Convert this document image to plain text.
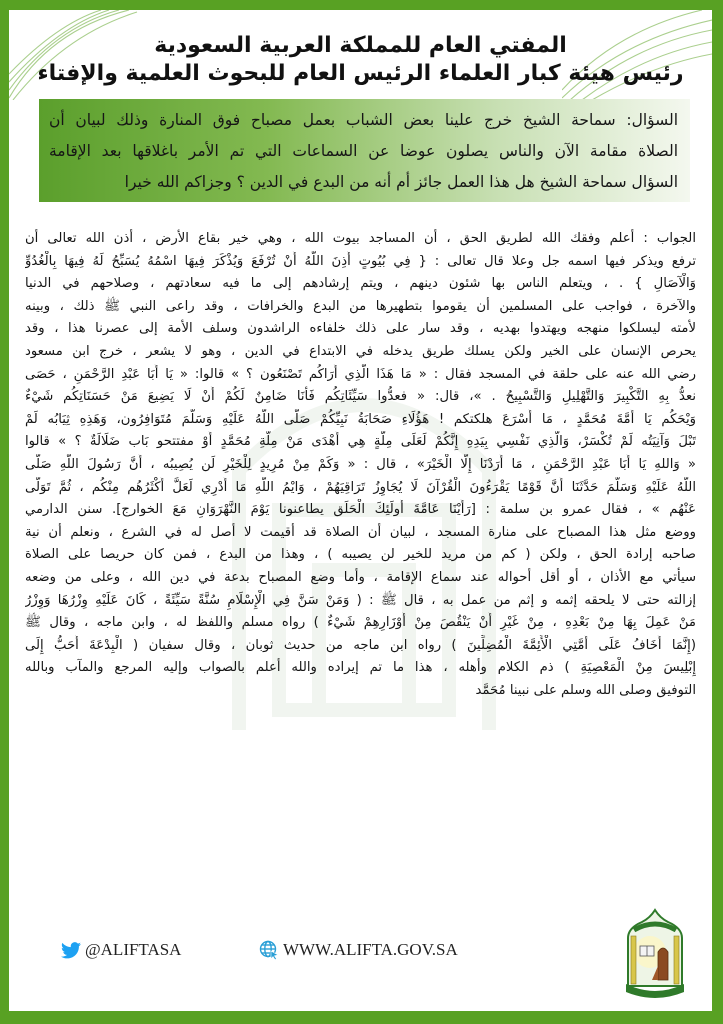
المفتي العام للمملكة العربية السعودية
رئيس هيئة كبار العلماء الرئيس العام للبحوث العلمية والإفتاء
السؤال: سماحة الشيخ خرج علينا بعض الشباب بعمل مصباح فوق المنارة وذلك لبيان أن
الصلاة مقامة الآن والناس يصلون عوضا عن السماعات التي تم الأمر باغلاقها بعد الإقامة
السؤال سماحة الشيخ هل هذا العمل جائز أم أنه من البدع في الدين ؟ وجزاكم الله خيرا
الجواب : أعلم وفقك الله لطريق الحق ، أن المساجد بيوت الله ، وهي خير بقاع الأرض ، أذن الله تعالى أن
ترفع ويذكر فيها اسمه جل وعلا قال تعالى : { فِي بُيُوتٍ أَذِنَ اللَّهُ أَنْ تُرْفَعَ وَيُذْكَرَ فِيهَا اسْمُهُ يُسَبِّحُ لَهُ فِيهَا بِالْغُدُوِّ
وَالْآصَالِ } . ، ويتعلم الناس بها شئون دينهم ، ويتم إرشادهم إلى ما فيه سعادتهم ، وصلاحهم في الدنيا
والآخرة ، فواجب على المسلمين أن يقوموا بتطهيرها من البدع والخرافات ، وقد راعى النبي ﷺ ذلك ، وبينه
لأمته ليسلكوا منهجه ويهتدوا بهديه ، وقد سار على ذلك خلفاءه الراشدون وسلف الأمة إلى عصرنا هذا ، وقد
يحرص الإنسان على الخير ولكن يسلك طريق يدخله في الابتداع في الدين ، وهو لا يشعر ، خرج ابن مسعود
رضي الله عنه على حلقة في المسجد فقال : « مَا هَذَا الَّذِي أَرَاكُم تَصْنَعُون ؟ » قالوا: « يَا أَبَا عَبْدِ الرَّحْمَنِ ، حَصَى
نعدُّ بِهِ التَّكْبِيرَ وَالتَّهْلِيلِ وَالتَّسْبِيحُ . »، قال: « فعدُّوا سَيِّئَاتِكُم فَأَنَا ضَامِنٌ لَكُمْ أَنْ لَا يَضِيعَ مَنْ حَسَنَاتِكُم شَيْءٌ
وَيْحَكُم يَا أُمَّةَ مُحَمَّدٍ ، مَا أَسْرَعَ هلكتكم ! هَؤُلَاءِ صَحَابَةُ نَبِيِّكُمْ صَلَّى اللَّهُ عَلَيْهِ وَسَلَّمَ مُتَوَافِرُون، وَهَذِهِ ثِيَابُه لَمْ
تَبْلَ وَآنِيَتُه لَمْ تُكْسَرْ، وَالَّذِي نَفْسِي بِيَدِهِ إِنَّكُمْ لَعَلَى مِلَّةٍ هِي أَهْدَى مَنْ مِلَّةِ مُحَمَّدٍ أَوْ مفتتحو بَاب ضَلَالَةٌ ؟ » قالوا
« وَاللهِ يَا أَبَا عَبْدِ الرَّحْمَنِ ، مَا أَرَدْنَا إِلَّا الْخَيْرَ» ، قال : « وَكَمْ مِنْ مُرِيدٍ لِلْخَيْرِ لَن يُصِيبُه ، أَنَّ رَسُولَ اللَّهِ صَلَّى
اللَّهُ عَلَيْهِ وَسَلَّمَ حَدَّثَنَا أَنَّ قَوْمًا يَقْرَءُونَ الْقُرْآنَ لَا يُجَاوِزُ تَرَاقِيَهُمْ ، وَايْمُ اللَّهِ مَا أَدْرِي لَعَلَّ أَكْثَرُهُم مِنْكُم ، ثُمَّ تَوَلَّى
عَنْهُم » ، فقال عمرو بن سلمة : [رَأَيْنَا عَامَّةَ أُولَئِكَ الْحَلَق يطاعنونا يَوْمَ النَّهْرَوَانِ مَعَ الخوارج]. سنن الدارمي
ووضع مثل هذا المصباح على منارة المسجد ، لبيان أن الصلاة قد أقيمت لا أصل له في الشرع ، ونعلم أن نية
صاحبه إرادة الحق ، ولكن ( كم من مريد للخير لن يصيبه ) ، وهذا من البدع ، فمن كان حريصا على الصلاة
سيأتي مع الأذان ، أو أقل أحواله عند سماع الإقامة ، وأما وضع المصباح بدعة في دين الله ، وعلى من وضعه
إزالته حتى لا يلحقه إثمه و إثم من عمل به ، قال ﷺ : ( وَمَنْ سَنَّ فِي الْإِسْلَامِ سُنَّةً سَيِّئَةً ، كَانَ عَلَيْهِ وِزْرُهَا وَوِزْرُ
مَنْ عَمِلَ بِهَا مِنْ بَعْدِهِ ، مِنْ غَيْرِ أَنْ يَنْقُصَ مِنْ أَوْزَارِهِمْ شَيْءٌ ) رواه مسلم واللفظ له ، وابن ماجه ، وقال ﷺ
(إِنَّمَا أَخَافُ عَلَى أُمَّتِي الْأَئِمَّةَ الْمُضِلِّينَ ) رواه ابن ماجه من حديث ثوبان ، وقال سفيان ( الْبِدْعَةَ أَحَبُّ إِلَى
إِبْلِيسَ مِنْ الْمَعْصِيَةِ ) ذم الكلام وأهله ، هذا ما تم إيراده والله أعلم بالصواب وإليه المرجع والمآب وبالله
التوفيق وصلى الله وسلم على نبينا مُحَمَّد
@ALIFTASA	WWW.ALIFTA.GOV.SA
